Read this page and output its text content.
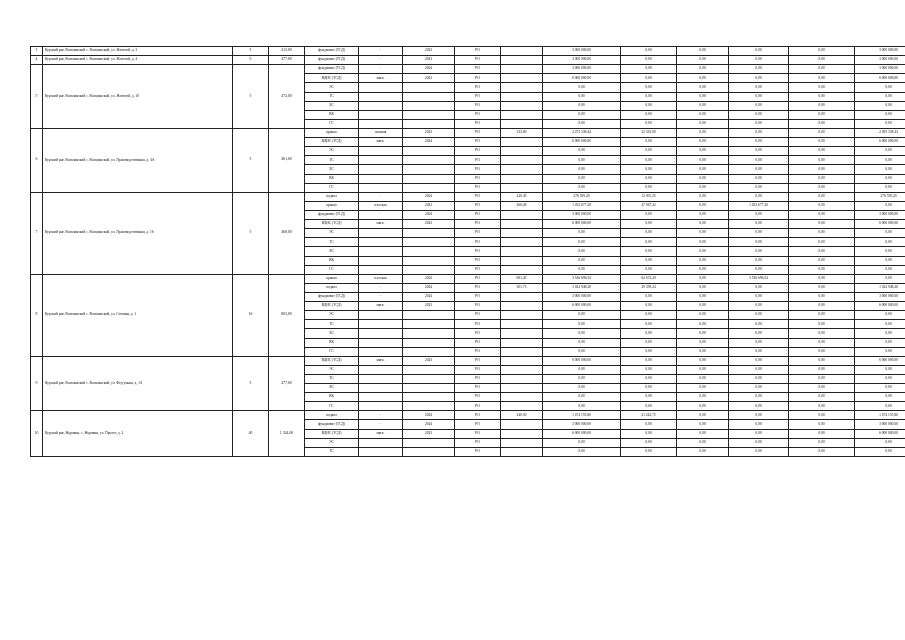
3	Курский рнг, Вольчанский с. Вольчанский, ул. Жителей, д. 3	5	413,00	фундамент (ТСД)	-	2023	РО		3 000 000,00	0,00	0,00	0,00	0,00	3 000 000,00
4	Курский рнг, Вольчанский с. Вольчанский, ул. Жителей, д. 4	5	477,00	фундамент (ТСД)	-	2023	РО		3 000 000,00	0,00	0,00	0,00	0,00	3 000 000,00
5	Курский рнг, Вольчанский с. Вольчанский, ул. Жителей, д. 10	5	472,00	фундамент (ТСД)	-	2024	РО		3 000 000,00	0,00	0,00	0,00	0,00	3 000 000,00
				ВДИС (ТСД)	мягк.	2023	РО		6 000 000,00	0,00	0,00	0,00	0,00	6 000 000,00
				ЭС			РО		0,00	0,00	0,00	0,00	0,00	0,00
				ТС			РО		0,00	0,00	0,00	0,00	0,00	0,00
				ХС			РО		0,00	0,00	0,00	0,00	0,00	0,00
				ВК			РО		0,00	0,00	0,00	0,00	0,00	0,00
				ГС			РО		0,00	0,00	0,00	0,00	0,00	0,00
6	Курский рнг, Вольчанский с. Вольчанский, ул. Производственная, д. 4А	5	461,00	крыша	скатная	2023	РО	333,00	2 472 338,44	23 335,00	0,00	0,00	0,00	2 495 338,44
				ВДИС (ТСД)	мягк.	2024	РО		6 000 000,00	0,00	0,00	0,00	0,00	6 000 000,00
				ЭС			РО		0,00	0,00	0,00	0,00	0,00	0,00
				ТС			РО		0,00	0,00	0,00	0,00	0,00	0,00
				ХС			РО		0,00	0,00	0,00	0,00	0,00	0,00
				ВК			РО		0,00	0,00	0,00	0,00	0,00	0,00
				ГС			РО		0,00	0,00	0,00	0,00	0,00	0,00
7	Курский рнг, Вольчанский с. Вольчанский, ул. Производственная, д. 16	5	468,00	подвал	-	2024	РО	220,45	276 559,20	12 301,25	0,00	0,00	0,00	276 559,20
				крыша	плоская	2023	РО	260,28	1 452 677,20	27 567,32	0,00	1 452 677,20	0,00	0,00
				фундамент (ТСД)	-	2024	РО		3 000 000,00	0,00	0,00	0,00	0,00	3 000 000,00
				ВДИС (ТСД)	мягк.	2023	РО		6 000 000,00	0,00	0,00	0,00	0,00	6 000 000,00
				ЭС			РО		0,00	0,00	0,00	0,00	0,00	0,00
				ТС			РО		0,00	0,00	0,00	0,00	0,00	0,00
				ХС			РО		0,00	0,00	0,00	0,00	0,00	0,00
				ВК			РО		0,00	0,00	0,00	0,00	0,00	0,00
				ГС			РО		0,00	0,00	0,00	0,00	0,00	0,00
8	Курский рнг, Вольчанский с. Вольчанский, ул. Степная, д. 1	16	803,00	крыша	плоская	2022	РО	601,45	3 536 696,54	62 672,20	0,00	3 536 696,54	0,00	0,00
				подвал	-	2024	РО	301,73	1 022 948,20	29 359,24	0,00	0,00	0,00	1 022 948,20
				фундамент (ТСД)	-	2024	РО		3 000 000,00	0,00	0,00	0,00	0,00	3 000 000,00
				ВДИС (ТСД)	мягк.	2023	РО		6 000 000,00	0,00	0,00	0,00	0,00	6 000 000,00
				ЭС			РО		0,00	0,00	0,00	0,00	0,00	0,00
				ТС			РО		0,00	0,00	0,00	0,00	0,00	0,00
				ХС			РО		0,00	0,00	0,00	0,00	0,00	0,00
				ВК			РО		0,00	0,00	0,00	0,00	0,00	0,00
				ГС			РО		0,00	0,00	0,00	0,00	0,00	0,00
9	Курский рнг, Вольчанский с. Вольчанский, ул. Фед.умная, д. 1А	5	477,00	ВДИС (ТСД)	мягк.	2023	РО		6 000 000,00	0,00	0,00	0,00	0,00	6 000 000,00
				ЭС			РО		0,00	0,00	0,00	0,00	0,00	0,00
				ТС			РО		0,00	0,00	0,00	0,00	0,00	0,00
				ХС			РО		0,00	0,00	0,00	0,00	0,00	0,00
				ВК			РО		0,00	0,00	0,00	0,00	0,00	0,00
				ГС			РО		0,00	0,00	0,00	0,00	0,00	0,00
10	Курский рнг, Журавин, с. Журавин, ул. Пролет, д. 2	40	1 324,00	подвал	-	2024	РО	240,50	1 474 155,80	21 242,75	0,00	0,00	0,00	1 474 155,80
				фундамент (ТСД)	-	2024	РО		3 000 000,00	0,00	0,00	0,00	0,00	3 000 000,00
				ВДИС (ТСД)	мягк.	2023	РО		6 000 000,00	0,00	0,00	0,00	0,00	6 000 000,00
				ЭС			РО		0,00	0,00	0,00	0,00	0,00	0,00
				ТС			РО		0,00	0,00	0,00	0,00	0,00	0,00
